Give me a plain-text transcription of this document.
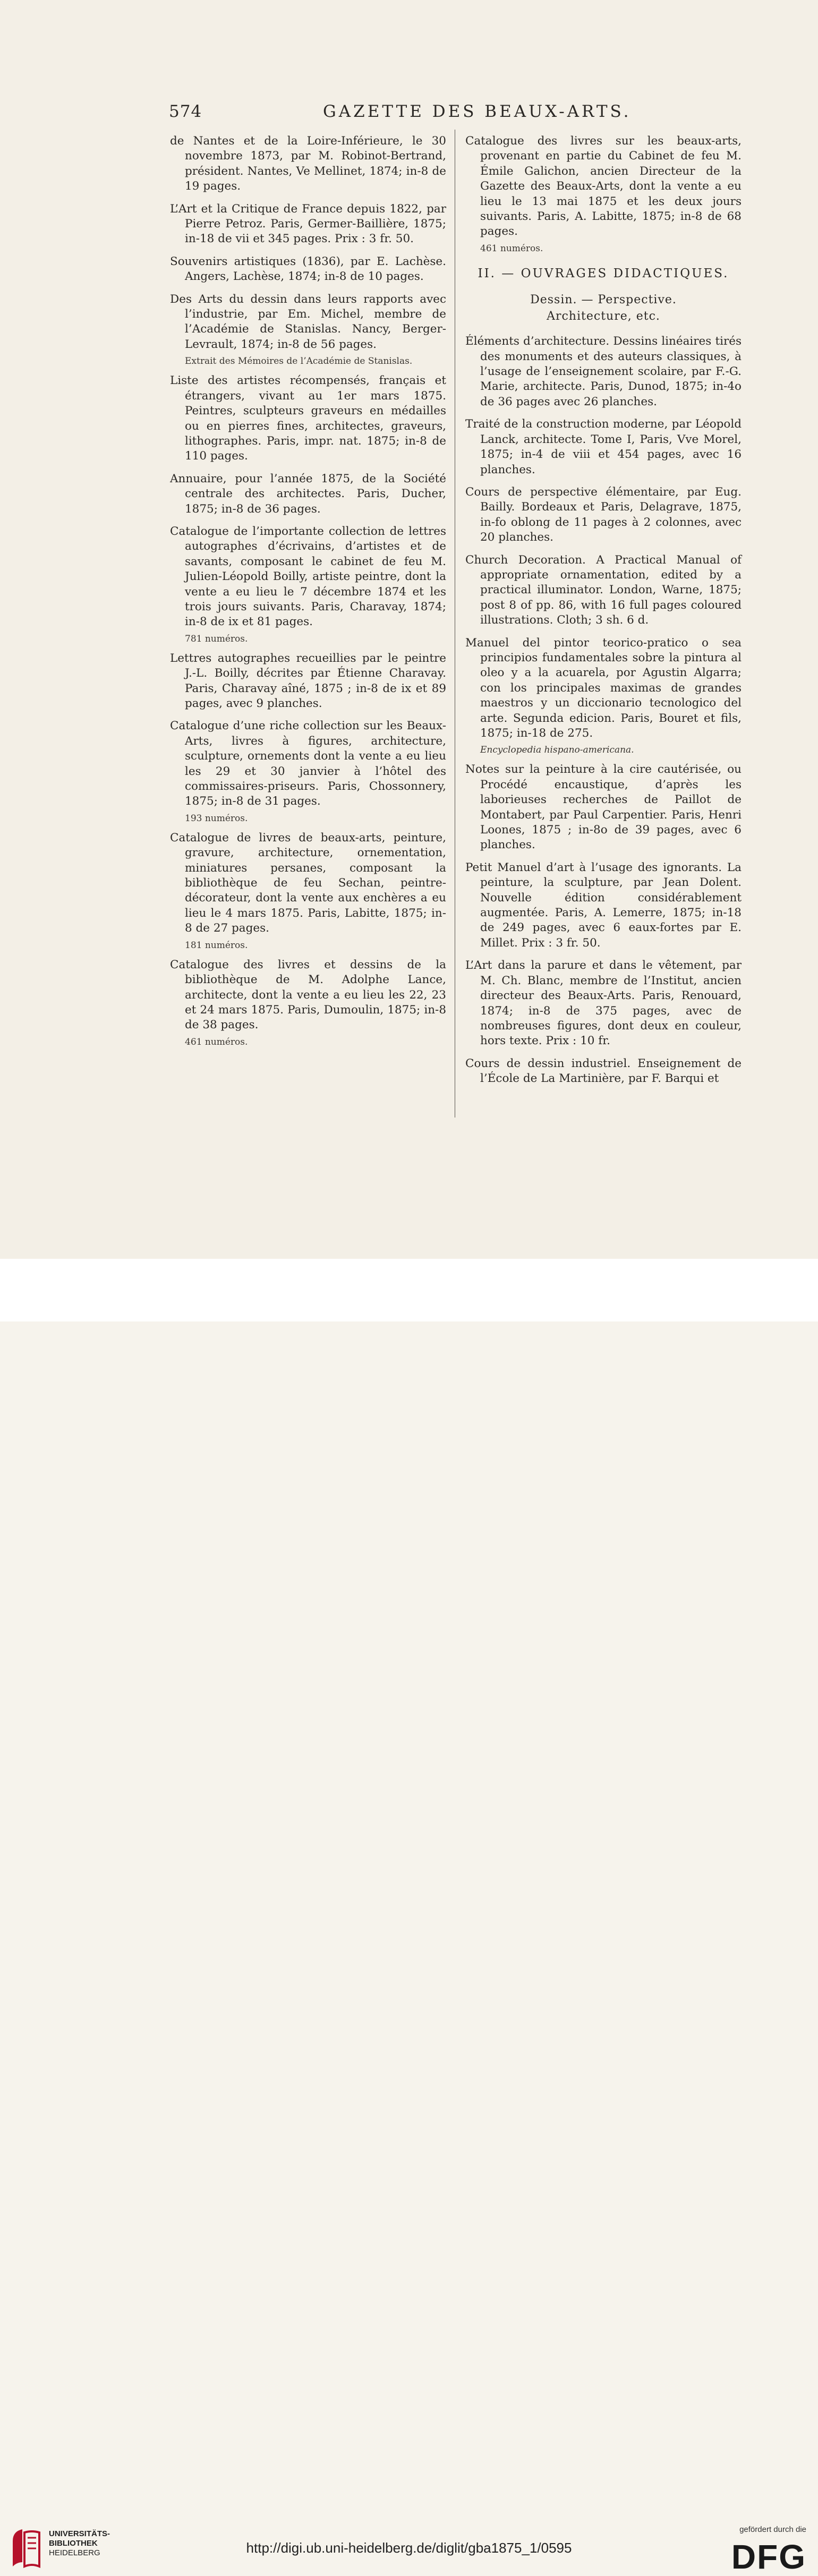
574	GAZETTE DES BEAUX-ARTS.
de Nantes et de la Loire-Inférieure, le 30 novembre 1873, par M. Robinot-Bertrand, président. Nantes, Ve Mellinet, 1874; in-8 de 19 pages.
L’Art et la Critique de France depuis 1822, par Pierre Petroz. Paris, Germer-Baillière, 1875; in-18 de vii et 345 pages. Prix : 3 fr. 50.
Souvenirs artistiques (1836), par E. Lachèse. Angers, Lachèse, 1874; in-8 de 10 pages.
Des Arts du dessin dans leurs rapports avec l’industrie, par Em. Michel, membre de l’Académie de Stanislas. Nancy, Berger-Levrault, 1874; in-8 de 56 pages.
Extrait des Mémoires de l’Académie de Stanislas.
Liste des artistes récompensés, français et étrangers, vivant au 1er mars 1875. Peintres, sculpteurs graveurs en médailles ou en pierres fines, architectes, graveurs, lithographes. Paris, impr. nat. 1875; in-8 de 110 pages.
Annuaire, pour l’année 1875, de la Société centrale des architectes. Paris, Ducher, 1875; in-8 de 36 pages.
Catalogue de l’importante collection de lettres autographes d’écrivains, d’artistes et de savants, composant le cabinet de feu M. Julien-Léopold Boilly, artiste peintre, dont la vente a eu lieu le 7 décembre 1874 et les trois jours suivants. Paris, Charavay, 1874; in-8 de ix et 81 pages.
781 numéros.
Lettres autographes recueillies par le peintre J.-L. Boilly, décrites par Étienne Charavay. Paris, Charavay aîné, 1875 ; in-8 de ix et 89 pages, avec 9 planches.
Catalogue d’une riche collection sur les Beaux-Arts, livres à figures, architecture, sculpture, ornements dont la vente a eu lieu les 29 et 30 janvier à l’hôtel des commissaires-priseurs. Paris, Chossonnery, 1875; in-8 de 31 pages.
193 numéros.
Catalogue de livres de beaux-arts, peinture, gravure, architecture, ornementation, miniatures persanes, composant la bibliothèque de feu Sechan, peintre-décorateur, dont la vente aux enchères a eu lieu le 4 mars 1875. Paris, Labitte, 1875; in-8 de 27 pages.
181 numéros.
Catalogue des livres et dessins de la bibliothèque de M. Adolphe Lance, architecte, dont la vente a eu lieu les 22, 23 et 24 mars 1875. Paris, Dumoulin, 1875; in-8 de 38 pages.
461 numéros.
Catalogue des livres sur les beaux-arts, provenant en partie du Cabinet de feu M. Émile Galichon, ancien Directeur de la Gazette des Beaux-Arts, dont la vente a eu lieu le 13 mai 1875 et les deux jours suivants. Paris, A. Labitte, 1875; in-8 de 68 pages.
461 numéros.
II. — OUVRAGES DIDACTIQUES.
Dessin. — Perspective.
Architecture, etc.
Éléments d’architecture. Dessins linéaires tirés des monuments et des auteurs classiques, à l’usage de l’enseignement scolaire, par F.-G. Marie, architecte. Paris, Dunod, 1875; in-4o de 36 pages avec 26 planches.
Traité de la construction moderne, par Léopold Lanck, architecte. Tome I, Paris, Vve Morel, 1875; in-4 de viii et 454 pages, avec 16 planches.
Cours de perspective élémentaire, par Eug. Bailly. Bordeaux et Paris, Delagrave, 1875, in-fo oblong de 11 pages à 2 colonnes, avec 20 planches.
Church Decoration. A Practical Manual of appropriate ornamentation, edited by a practical illuminator. London, Warne, 1875; post 8 of pp. 86, with 16 full pages coloured illustrations. Cloth; 3 sh. 6 d.
Manuel del pintor teorico-pratico o sea principios fundamentales sobre la pintura al oleo y a la acuarela, por Agustin Algarra; con los principales maximas de grandes maestros y un diccionario tecnologico del arte. Segunda edicion. Paris, Bouret et fils, 1875; in-18 de 275.
Encyclopedia hispano-americana.
Notes sur la peinture à la cire cautérisée, ou Procédé encaustique, d’après les laborieuses recherches de Paillot de Montabert, par Paul Carpentier. Paris, Henri Loones, 1875 ; in-8o de 39 pages, avec 6 planches.
Petit Manuel d’art à l’usage des ignorants. La peinture, la sculpture, par Jean Dolent. Nouvelle édition considérablement augmentée. Paris, A. Lemerre, 1875; in-18 de 249 pages, avec 6 eaux-fortes par E. Millet. Prix : 3 fr. 50.
L’Art dans la parure et dans le vêtement, par M. Ch. Blanc, membre de l’Institut, ancien directeur des Beaux-Arts. Paris, Renouard, 1874; in-8 de 375 pages, avec de nombreuses figures, dont deux en couleur, hors texte. Prix : 10 fr.
Cours de dessin industriel. Enseignement de l’École de La Martinière, par F. Barqui et
UNIVERSITÄTS-
BIBLIOTHEK
HEIDELBERG	http://digi.ub.uni-heidelberg.de/diglit/gba1875_1/0595
gefördert durch die
DFG
